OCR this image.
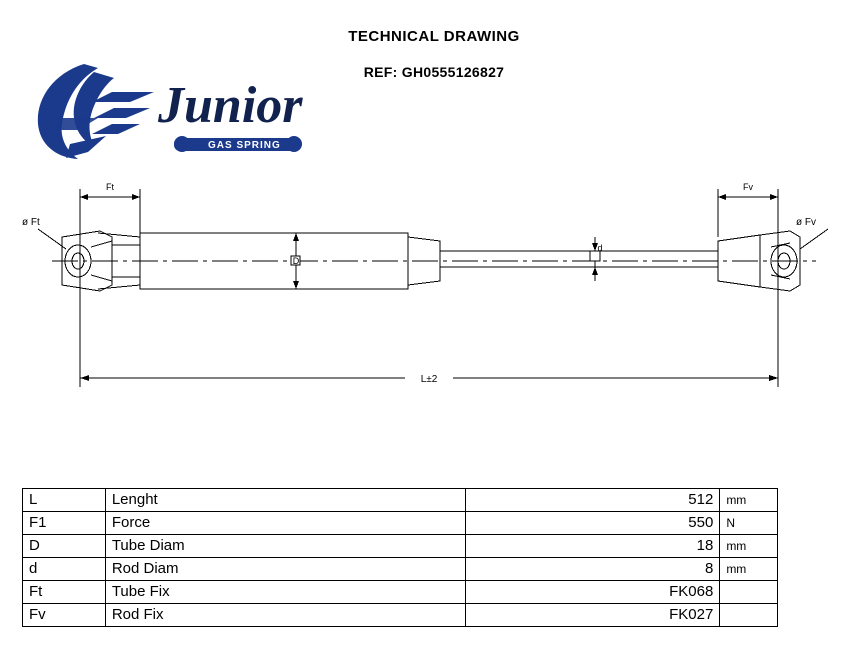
TECHNICAL DRAWING
REF: GH0555126827
Junior
GAS SPRING
Ft	Fv
ø Ft	ø Fv
D
d
L±2
L	Lenght	512	mm
F1	Force	550	N
D	Tube Diam	18	mm
d	Rod Diam	8	mm
Ft	Tube Fix	FK068	
Fv	Rod Fix	FK027	
